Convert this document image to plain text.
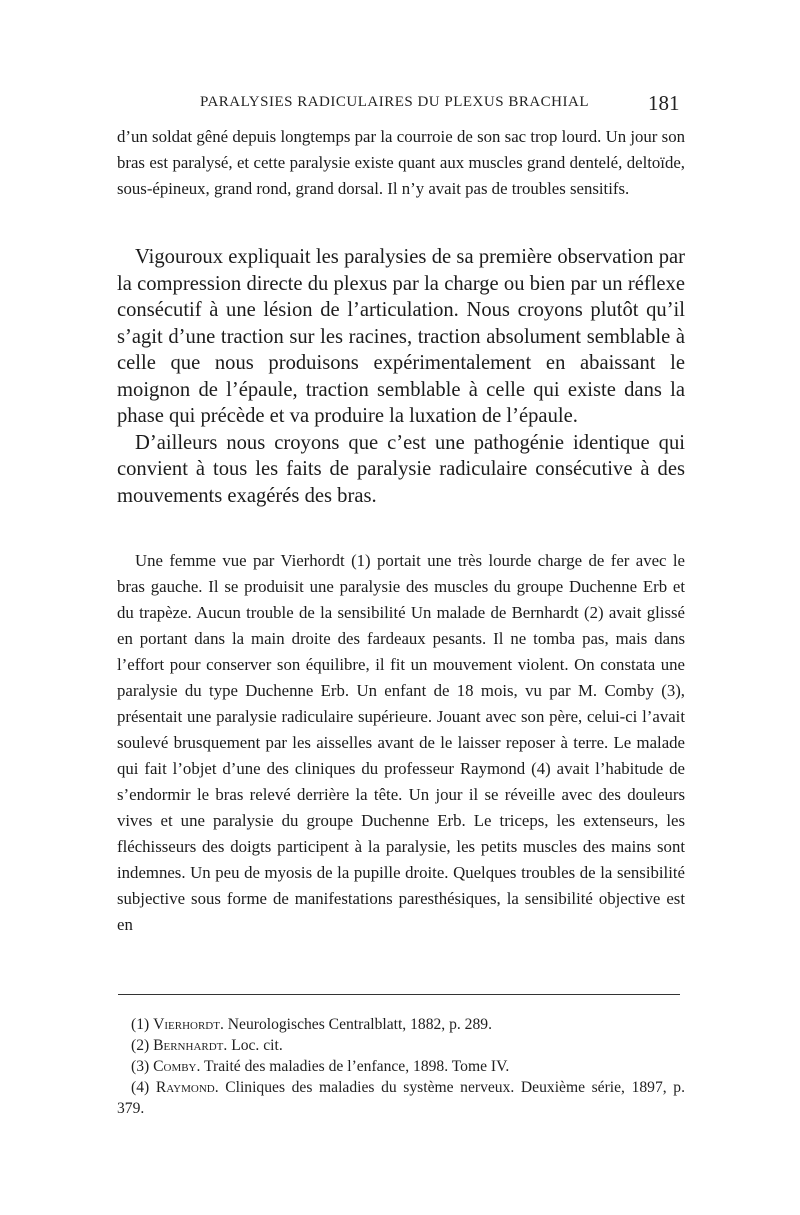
PARALYSIES RADICULAIRES DU PLEXUS BRACHIAL	181

d’un soldat gêné depuis longtemps par la courroie de son sac trop lourd. Un jour son bras est paralysé, et cette paralysie existe quant aux muscles grand dentelé, deltoïde, sous-épineux, grand rond, grand dorsal. Il n’y avait pas de troubles sensitifs.

Vigouroux expliquait les paralysies de sa première observation par la compression directe du plexus par la charge ou bien par un réflexe consécutif à une lésion de l’articulation. Nous croyons plutôt qu’il s’agit d’une traction sur les racines, traction absolument semblable à celle que nous produisons expérimentalement en abaissant le moignon de l’épaule, traction semblable à celle qui existe dans la phase qui précède et va produire la luxation de l’épaule.

D’ailleurs nous croyons que c’est une pathogénie identique qui convient à tous les faits de paralysie radiculaire consécutive à des mouvements exagérés des bras.

Une femme vue par Vierhordt (1) portait une très lourde charge de fer avec le bras gauche. Il se produisit une paralysie des muscles du groupe Duchenne Erb et du trapèze. Aucun trouble de la sensibilité Un malade de Bernhardt (2) avait glissé en portant dans la main droite des fardeaux pesants. Il ne tomba pas, mais dans l’effort pour conserver son équilibre, il fit un mouvement violent. On constata une paralysie du type Duchenne Erb. Un enfant de 18 mois, vu par M. Comby (3), présentait une paralysie radiculaire supérieure. Jouant avec son père, celui-ci l’avait soulevé brusquement par les aisselles avant de le laisser reposer à terre. Le malade qui fait l’objet d’une des cliniques du professeur Raymond (4) avait l’habitude de s’endormir le bras relevé derrière la tête. Un jour il se réveille avec des douleurs vives et une paralysie du groupe Duchenne Erb. Le triceps, les extenseurs, les fléchisseurs des doigts participent à la paralysie, les petits muscles des mains sont indemnes. Un peu de myosis de la pupille droite. Quelques troubles de la sensibilité subjective sous forme de manifestations paresthésiques, la sensibilité objective est en

(1) Vierhordt. Neurologisches Centralblatt, 1882, p. 289.

(2) Bernhardt. Loc. cit.

(3) Comby. Traité des maladies de l’enfance, 1898. Tome IV.

(4) Raymond. Cliniques des maladies du système nerveux. Deuxième série, 1897, p. 379.
